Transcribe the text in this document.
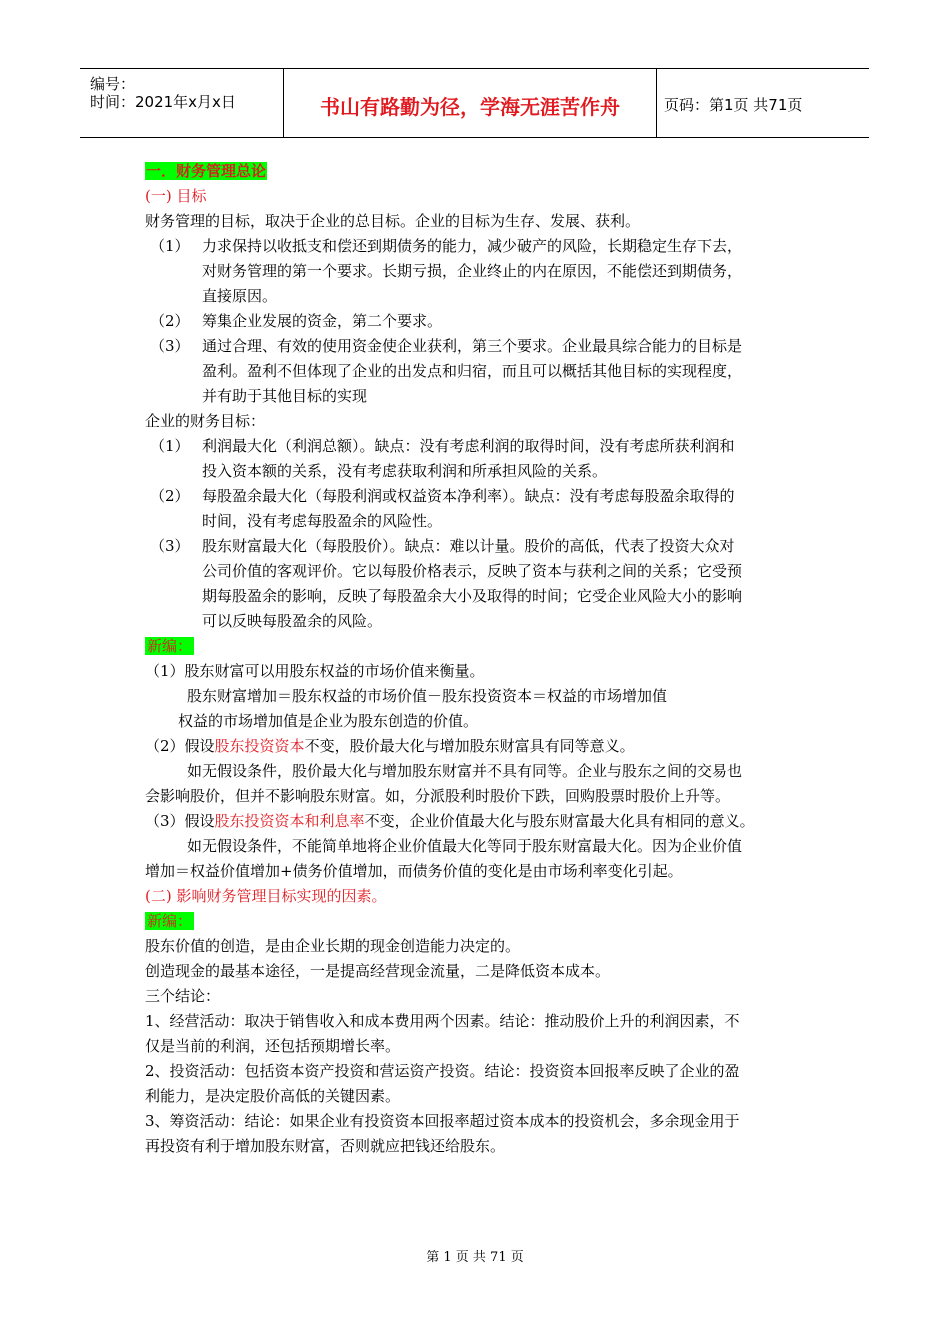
编号：
时间：2021年x月x日	书山有路勤为径，学海无涯苦作舟	页码：第1页 共71页
一．财务管理总论
(一) 目标
财务管理的目标，取决于企业的总目标。企业的目标为生存、发展、获利。
（1） 力求保持以收抵支和偿还到期债务的能力，减少破产的风险，长期稳定生存下去，
对财务管理的第一个要求。长期亏损，企业终止的内在原因，不能偿还到期债务，
直接原因。
（2） 筹集企业发展的资金，第二个要求。
（3） 通过合理、有效的使用资金使企业获利，第三个要求。企业最具综合能力的目标是
盈利。盈利不但体现了企业的出发点和归宿，而且可以概括其他目标的实现程度，
并有助于其他目标的实现
企业的财务目标：
（1） 利润最大化（利润总额）。缺点：没有考虑利润的取得时间，没有考虑所获利润和
投入资本额的关系，没有考虑获取利润和所承担风险的关系。
（2） 每股盈余最大化（每股利润或权益资本净利率）。缺点：没有考虑每股盈余取得的
时间，没有考虑每股盈余的风险性。
（3） 股东财富最大化（每股股价）。缺点：难以计量。股价的高低，代表了投资大众对
公司价值的客观评价。它以每股价格表示，反映了资本与获利之间的关系；它受预
期每股盈余的影响，反映了每股盈余大小及取得的时间；它受企业风险大小的影响
可以反映每股盈余的风险。
新编：
（1）股东财富可以用股东权益的市场价值来衡量。
股东财富增加＝股东权益的市场价值－股东投资资本＝权益的市场增加值
权益的市场增加值是企业为股东创造的价值。
（2）假设股东投资资本不变，股价最大化与增加股东财富具有同等意义。
如无假设条件，股价最大化与增加股东财富并不具有同等。企业与股东之间的交易也
会影响股价，但并不影响股东财富。如，分派股利时股价下跌，回购股票时股价上升等。
（3）假设股东投资资本和利息率不变，企业价值最大化与股东财富最大化具有相同的意义。
如无假设条件，不能简单地将企业价值最大化等同于股东财富最大化。因为企业价值
增加＝权益价值增加+债务价值增加，而债务价值的变化是由市场利率变化引起。
(二) 影响财务管理目标实现的因素。
新编：
股东价值的创造，是由企业长期的现金创造能力决定的。
创造现金的最基本途径，一是提高经营现金流量，二是降低资本成本。
三个结论：
1、经营活动：取决于销售收入和成本费用两个因素。结论：推动股价上升的利润因素，不
仅是当前的利润，还包括预期增长率。
2、投资活动：包括资本资产投资和营运资产投资。结论：投资资本回报率反映了企业的盈
利能力，是决定股价高低的关键因素。
3、筹资活动：结论：如果企业有投资资本回报率超过资本成本的投资机会，多余现金用于
再投资有利于增加股东财富，否则就应把钱还给股东。
第 1 页 共 71 页
